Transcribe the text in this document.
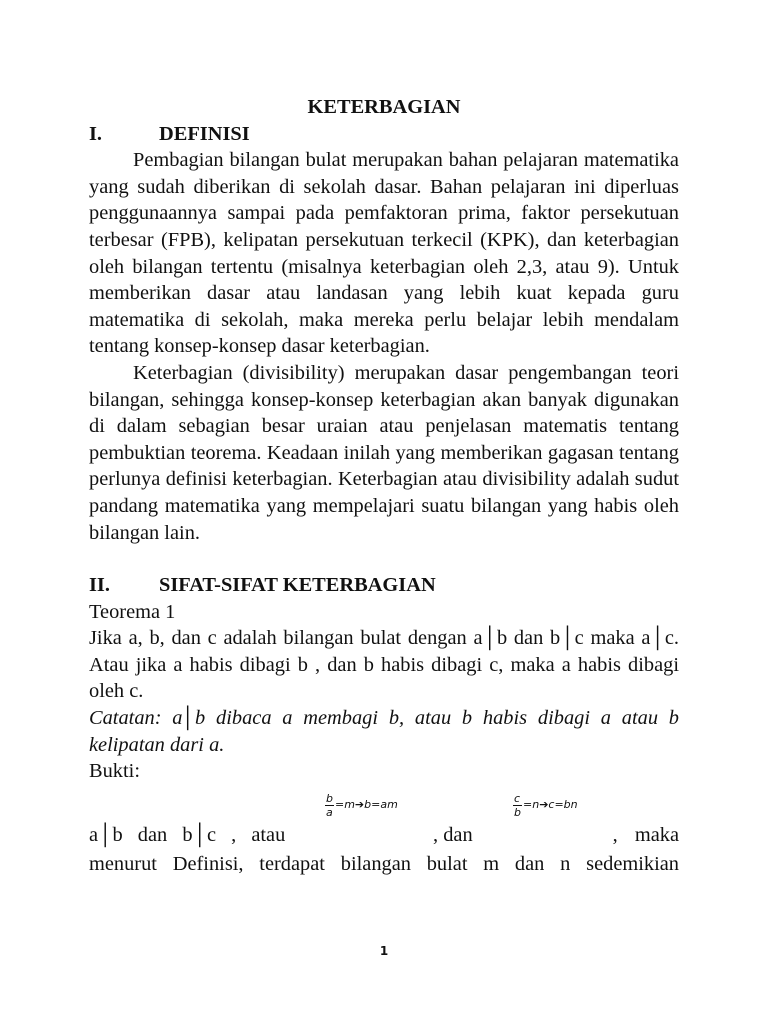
KETERBAGIAN

I.	DEFINISI

Pembagian bilangan bulat merupakan bahan pelajaran matematika yang sudah diberikan di sekolah dasar. Bahan pelajaran ini diperluas penggunaannya sampai pada pemfaktoran prima, faktor persekutuan terbesar (FPB), kelipatan persekutuan terkecil (KPK), dan keterbagian oleh bilangan tertentu (misalnya keterbagian oleh 2,3, atau 9). Untuk memberikan dasar atau landasan yang lebih kuat kepada guru matematika di sekolah, maka mereka perlu belajar lebih mendalam tentang konsep-konsep dasar keterbagian.

Keterbagian (divisibility) merupakan dasar pengembangan teori bilangan, sehingga konsep-konsep keterbagian akan banyak digunakan di dalam sebagian besar uraian atau penjelasan matematis tentang pembuktian teorema. Keadaan inilah yang memberikan gagasan tentang perlunya definisi keterbagian. Keterbagian atau divisibility adalah sudut pandang matematika yang mempelajari suatu bilangan yang habis oleh bilangan lain.

II.	SIFAT-SIFAT KETERBAGIAN

Teorema 1

Jika a, b, dan c adalah bilangan bulat dengan a│b dan b│c maka a│c. Atau jika a habis dibagi b , dan b habis dibagi c, maka a habis dibagi oleh c.

Catatan: a│b dibaca a membagi b, atau b habis dibagi a atau b kelipatan dari a.

Bukti:

b =m➔b=am
a
c =n➔c=bn
b
a│b dan b│c , atau	, dan	, maka

menurut Definisi, terdapat bilangan bulat m dan n sedemikian

1
